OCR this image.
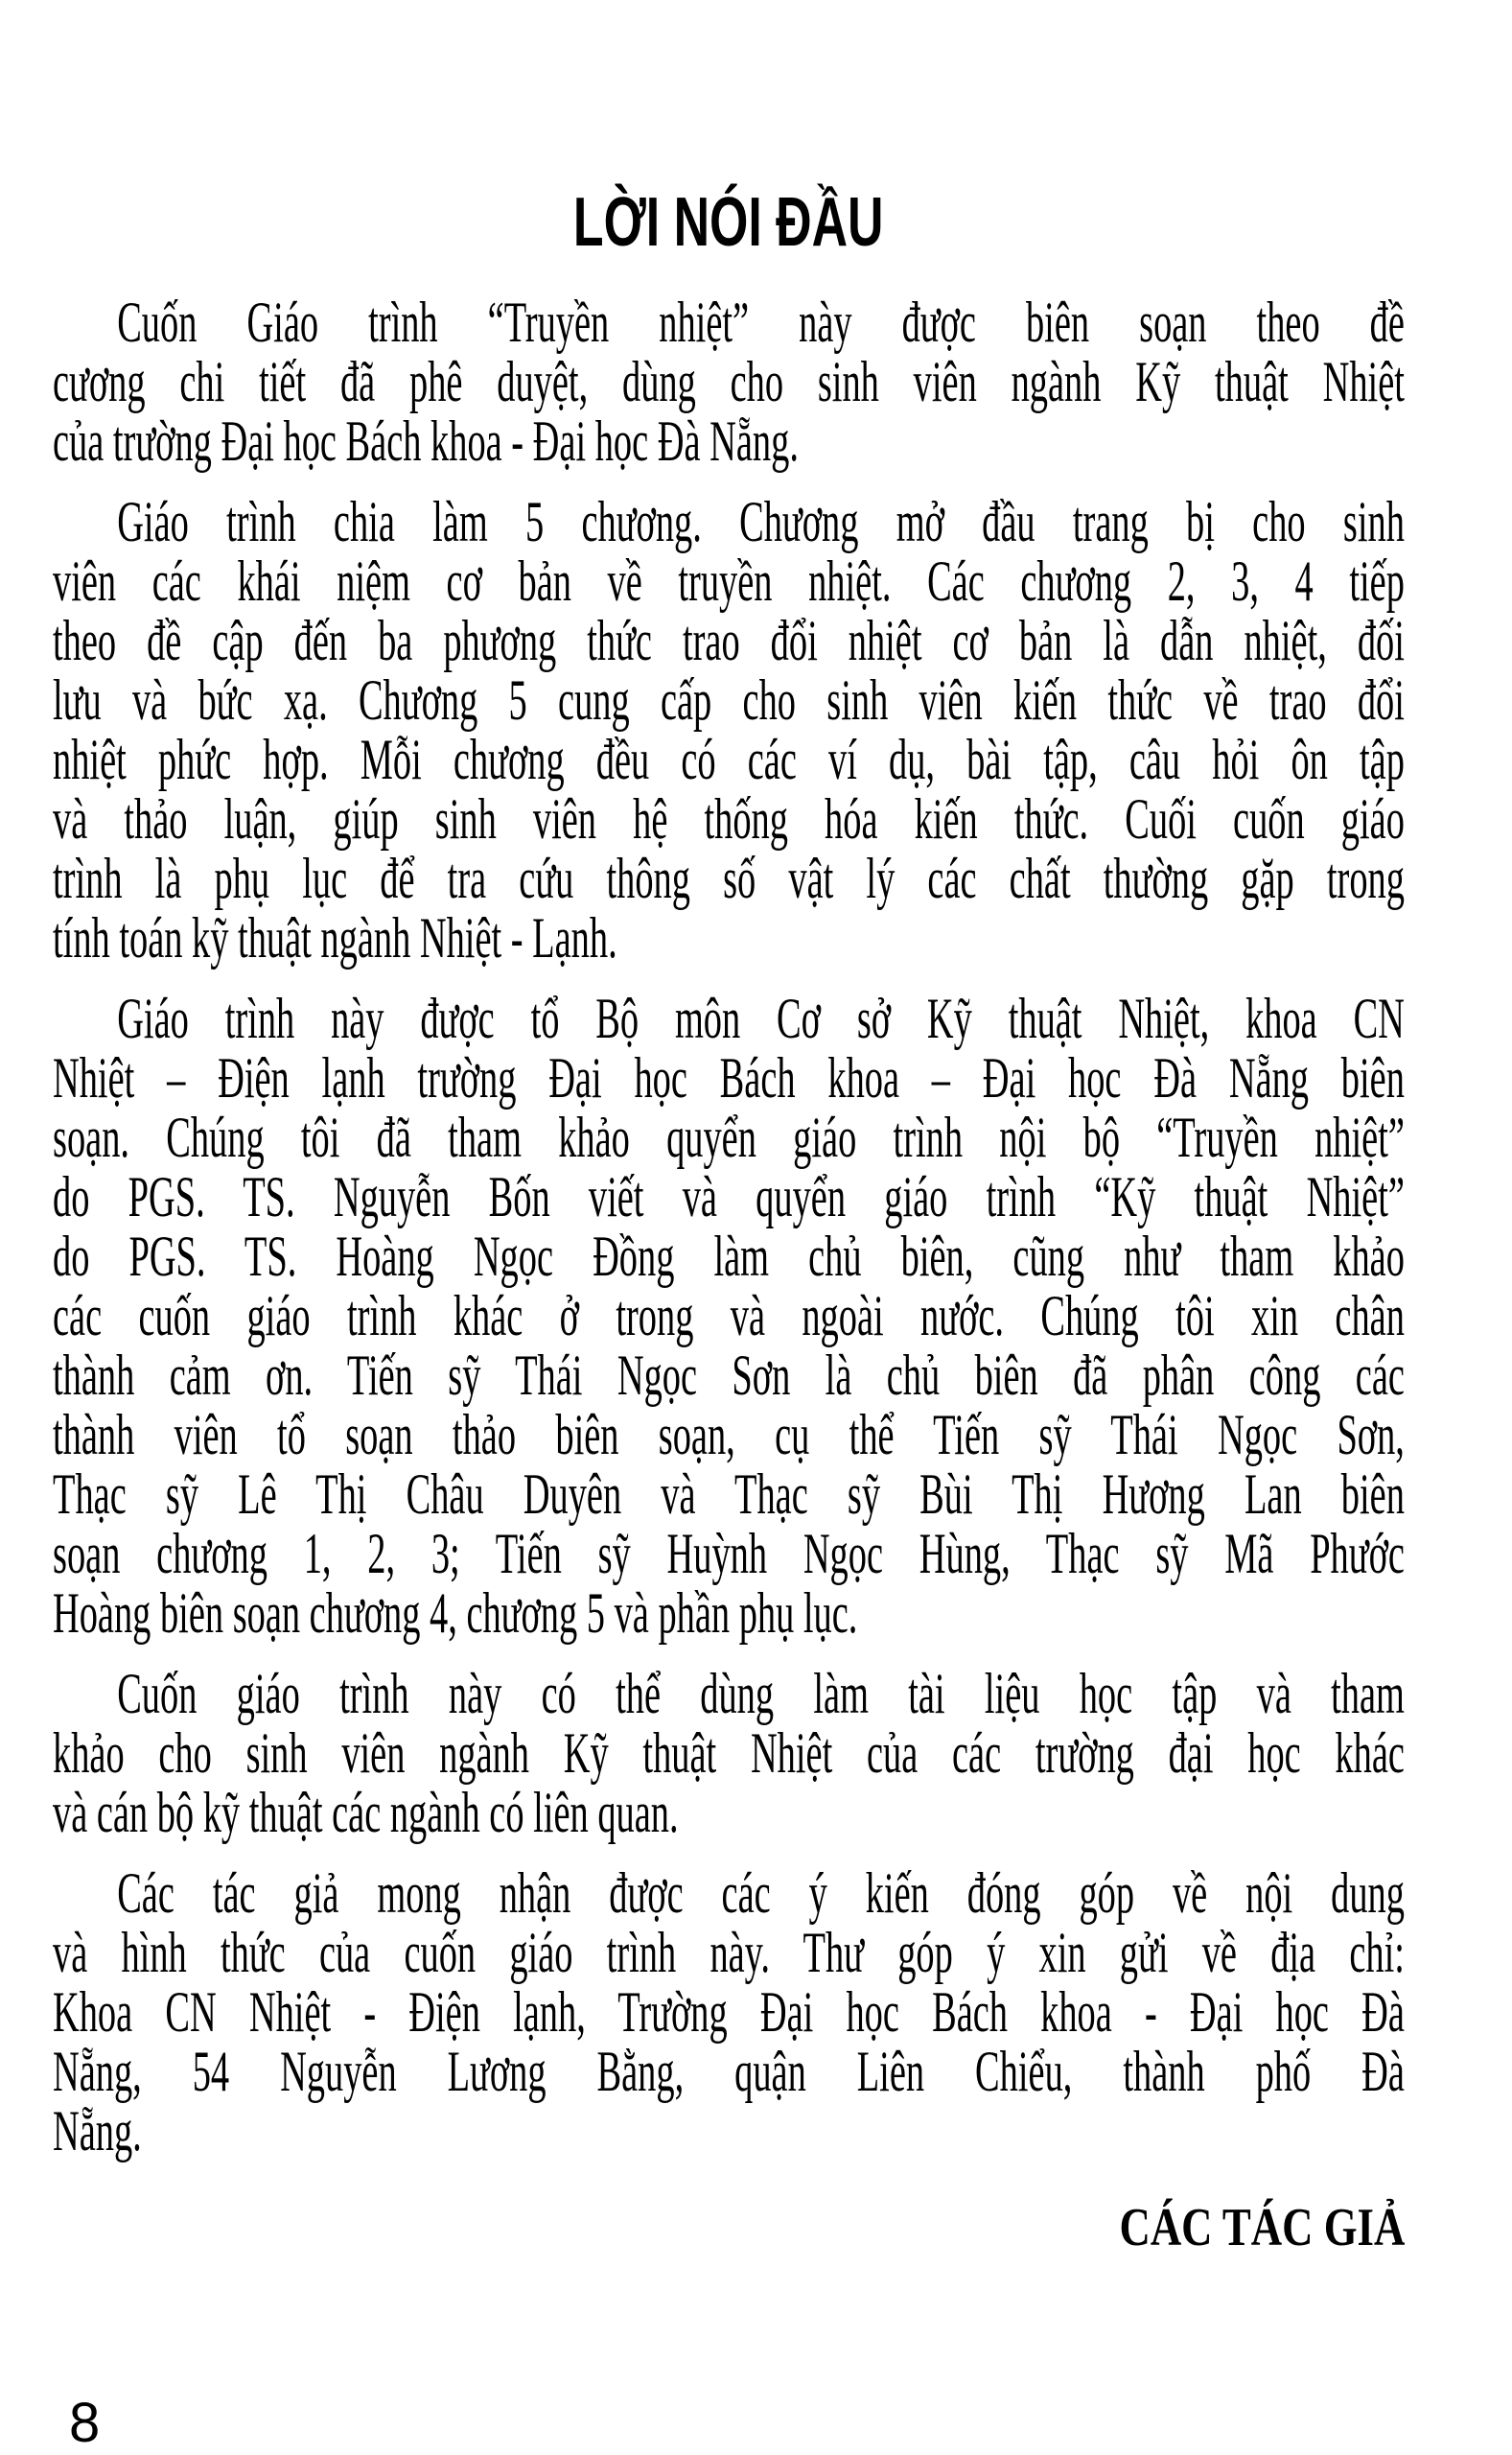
LỜI NÓI ĐẦU
Cuốn Giáo trình “Truyền nhiệt” này được biên soạn theo đề
cương chi tiết đã phê duyệt, dùng cho sinh viên ngành Kỹ thuật Nhiệt
của trường Đại học Bách khoa - Đại học Đà Nẵng.
Giáo trình chia làm 5 chương. Chương mở đầu trang bị cho sinh
viên các khái niệm cơ bản về truyền nhiệt. Các chương 2, 3, 4 tiếp
theo đề cập đến ba phương thức trao đổi nhiệt cơ bản là dẫn nhiệt, đối
lưu và bức xạ. Chương 5 cung cấp cho sinh viên kiến thức về trao đổi
nhiệt phức hợp. Mỗi chương đều có các ví dụ, bài tập, câu hỏi ôn tập
và thảo luận, giúp sinh viên hệ thống hóa kiến thức. Cuối cuốn giáo
trình là phụ lục để tra cứu thông số vật lý các chất thường gặp trong
tính toán kỹ thuật ngành Nhiệt - Lạnh.
Giáo trình này được tổ Bộ môn Cơ sở Kỹ thuật Nhiệt, khoa CN
Nhiệt – Điện lạnh trường Đại học Bách khoa – Đại học Đà Nẵng biên
soạn. Chúng tôi đã tham khảo quyển giáo trình nội bộ “Truyền nhiệt”
do PGS. TS. Nguyễn Bốn viết và quyển giáo trình “Kỹ thuật Nhiệt”
do PGS. TS. Hoàng Ngọc Đồng làm chủ biên, cũng như tham khảo
các cuốn giáo trình khác ở trong và ngoài nước. Chúng tôi xin chân
thành cảm ơn. Tiến sỹ Thái Ngọc Sơn là chủ biên đã phân công các
thành viên tổ soạn thảo biên soạn, cụ thể Tiến sỹ Thái Ngọc Sơn,
Thạc sỹ Lê Thị Châu Duyên và Thạc sỹ Bùi Thị Hương Lan biên
soạn chương 1, 2, 3; Tiến sỹ Huỳnh Ngọc Hùng, Thạc sỹ Mã Phước
Hoàng biên soạn chương 4, chương 5 và phần phụ lục.
Cuốn giáo trình này có thể dùng làm tài liệu học tập và tham
khảo cho sinh viên ngành Kỹ thuật Nhiệt của các trường đại học khác
và cán bộ kỹ thuật các ngành có liên quan.
Các tác giả mong nhận được các ý kiến đóng góp về nội dung
và hình thức của cuốn giáo trình này. Thư góp ý xin gửi về địa chỉ:
Khoa CN Nhiệt - Điện lạnh, Trường Đại học Bách khoa - Đại học Đà
Nẵng, 54 Nguyễn Lương Bằng, quận Liên Chiểu, thành phố Đà
Nẵng.
CÁC TÁC GIẢ
8
